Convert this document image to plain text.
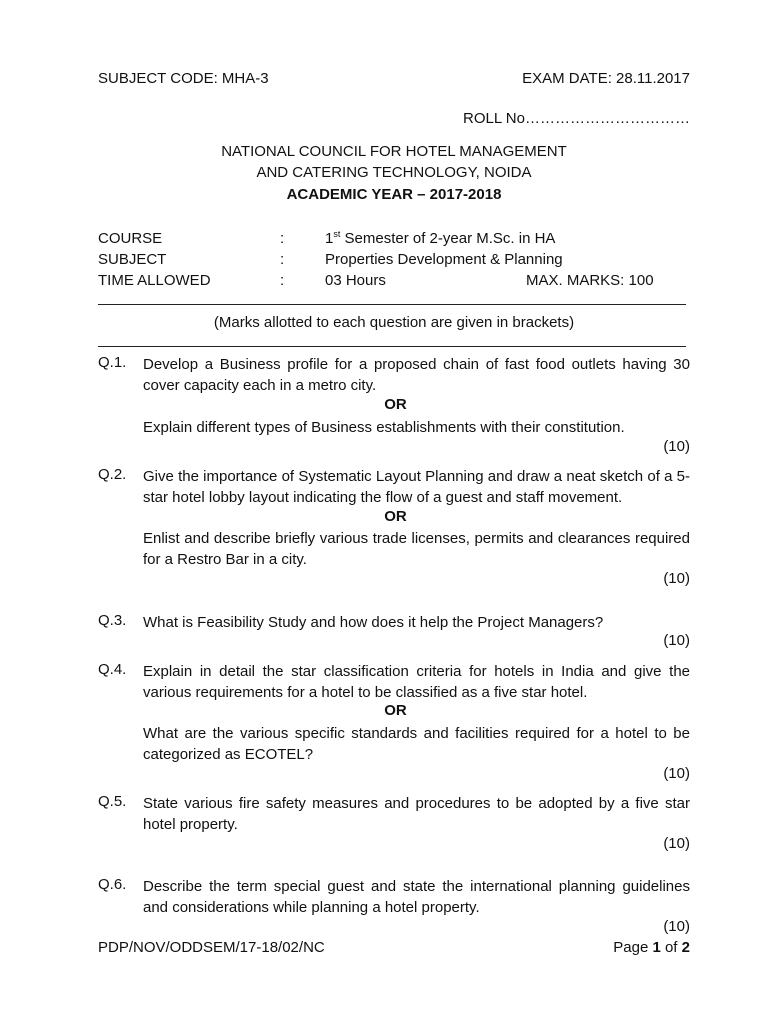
SUBJECT CODE: MHA-3	EXAM DATE: 28.11.2017
ROLL No……………………………
NATIONAL COUNCIL FOR HOTEL MANAGEMENT
AND CATERING TECHNOLOGY, NOIDA
ACADEMIC YEAR – 2017-2018
COURSE	:	1st Semester of 2-year M.Sc. in HA
SUBJECT	:	Properties Development & Planning
TIME ALLOWED	:	03 Hours	MAX. MARKS: 100
(Marks allotted to each question are given in brackets)
Q.1. Develop a Business profile for a proposed chain of fast food outlets having 30 cover capacity each in a metro city.
OR
Explain different types of Business establishments with their constitution.
(10)
Q.2. Give the importance of Systematic Layout Planning and draw a neat sketch of a 5-star hotel lobby layout indicating the flow of a guest and staff movement.
OR
Enlist and describe briefly various trade licenses, permits and clearances required for a Restro Bar in a city.
(10)
Q.3. What is Feasibility Study and how does it help the Project Managers?
(10)
Q.4. Explain in detail the star classification criteria for hotels in India and give the various requirements for a hotel to be classified as a five star hotel.
OR
What are the various specific standards and facilities required for a hotel to be categorized as ECOTEL?
(10)
Q.5. State various fire safety measures and procedures to be adopted by a five star hotel property.
(10)
Q.6. Describe the term special guest and state the international planning guidelines and considerations while planning a hotel property.
(10)
PDP/NOV/ODDSEM/17-18/02/NC	Page 1 of 2
